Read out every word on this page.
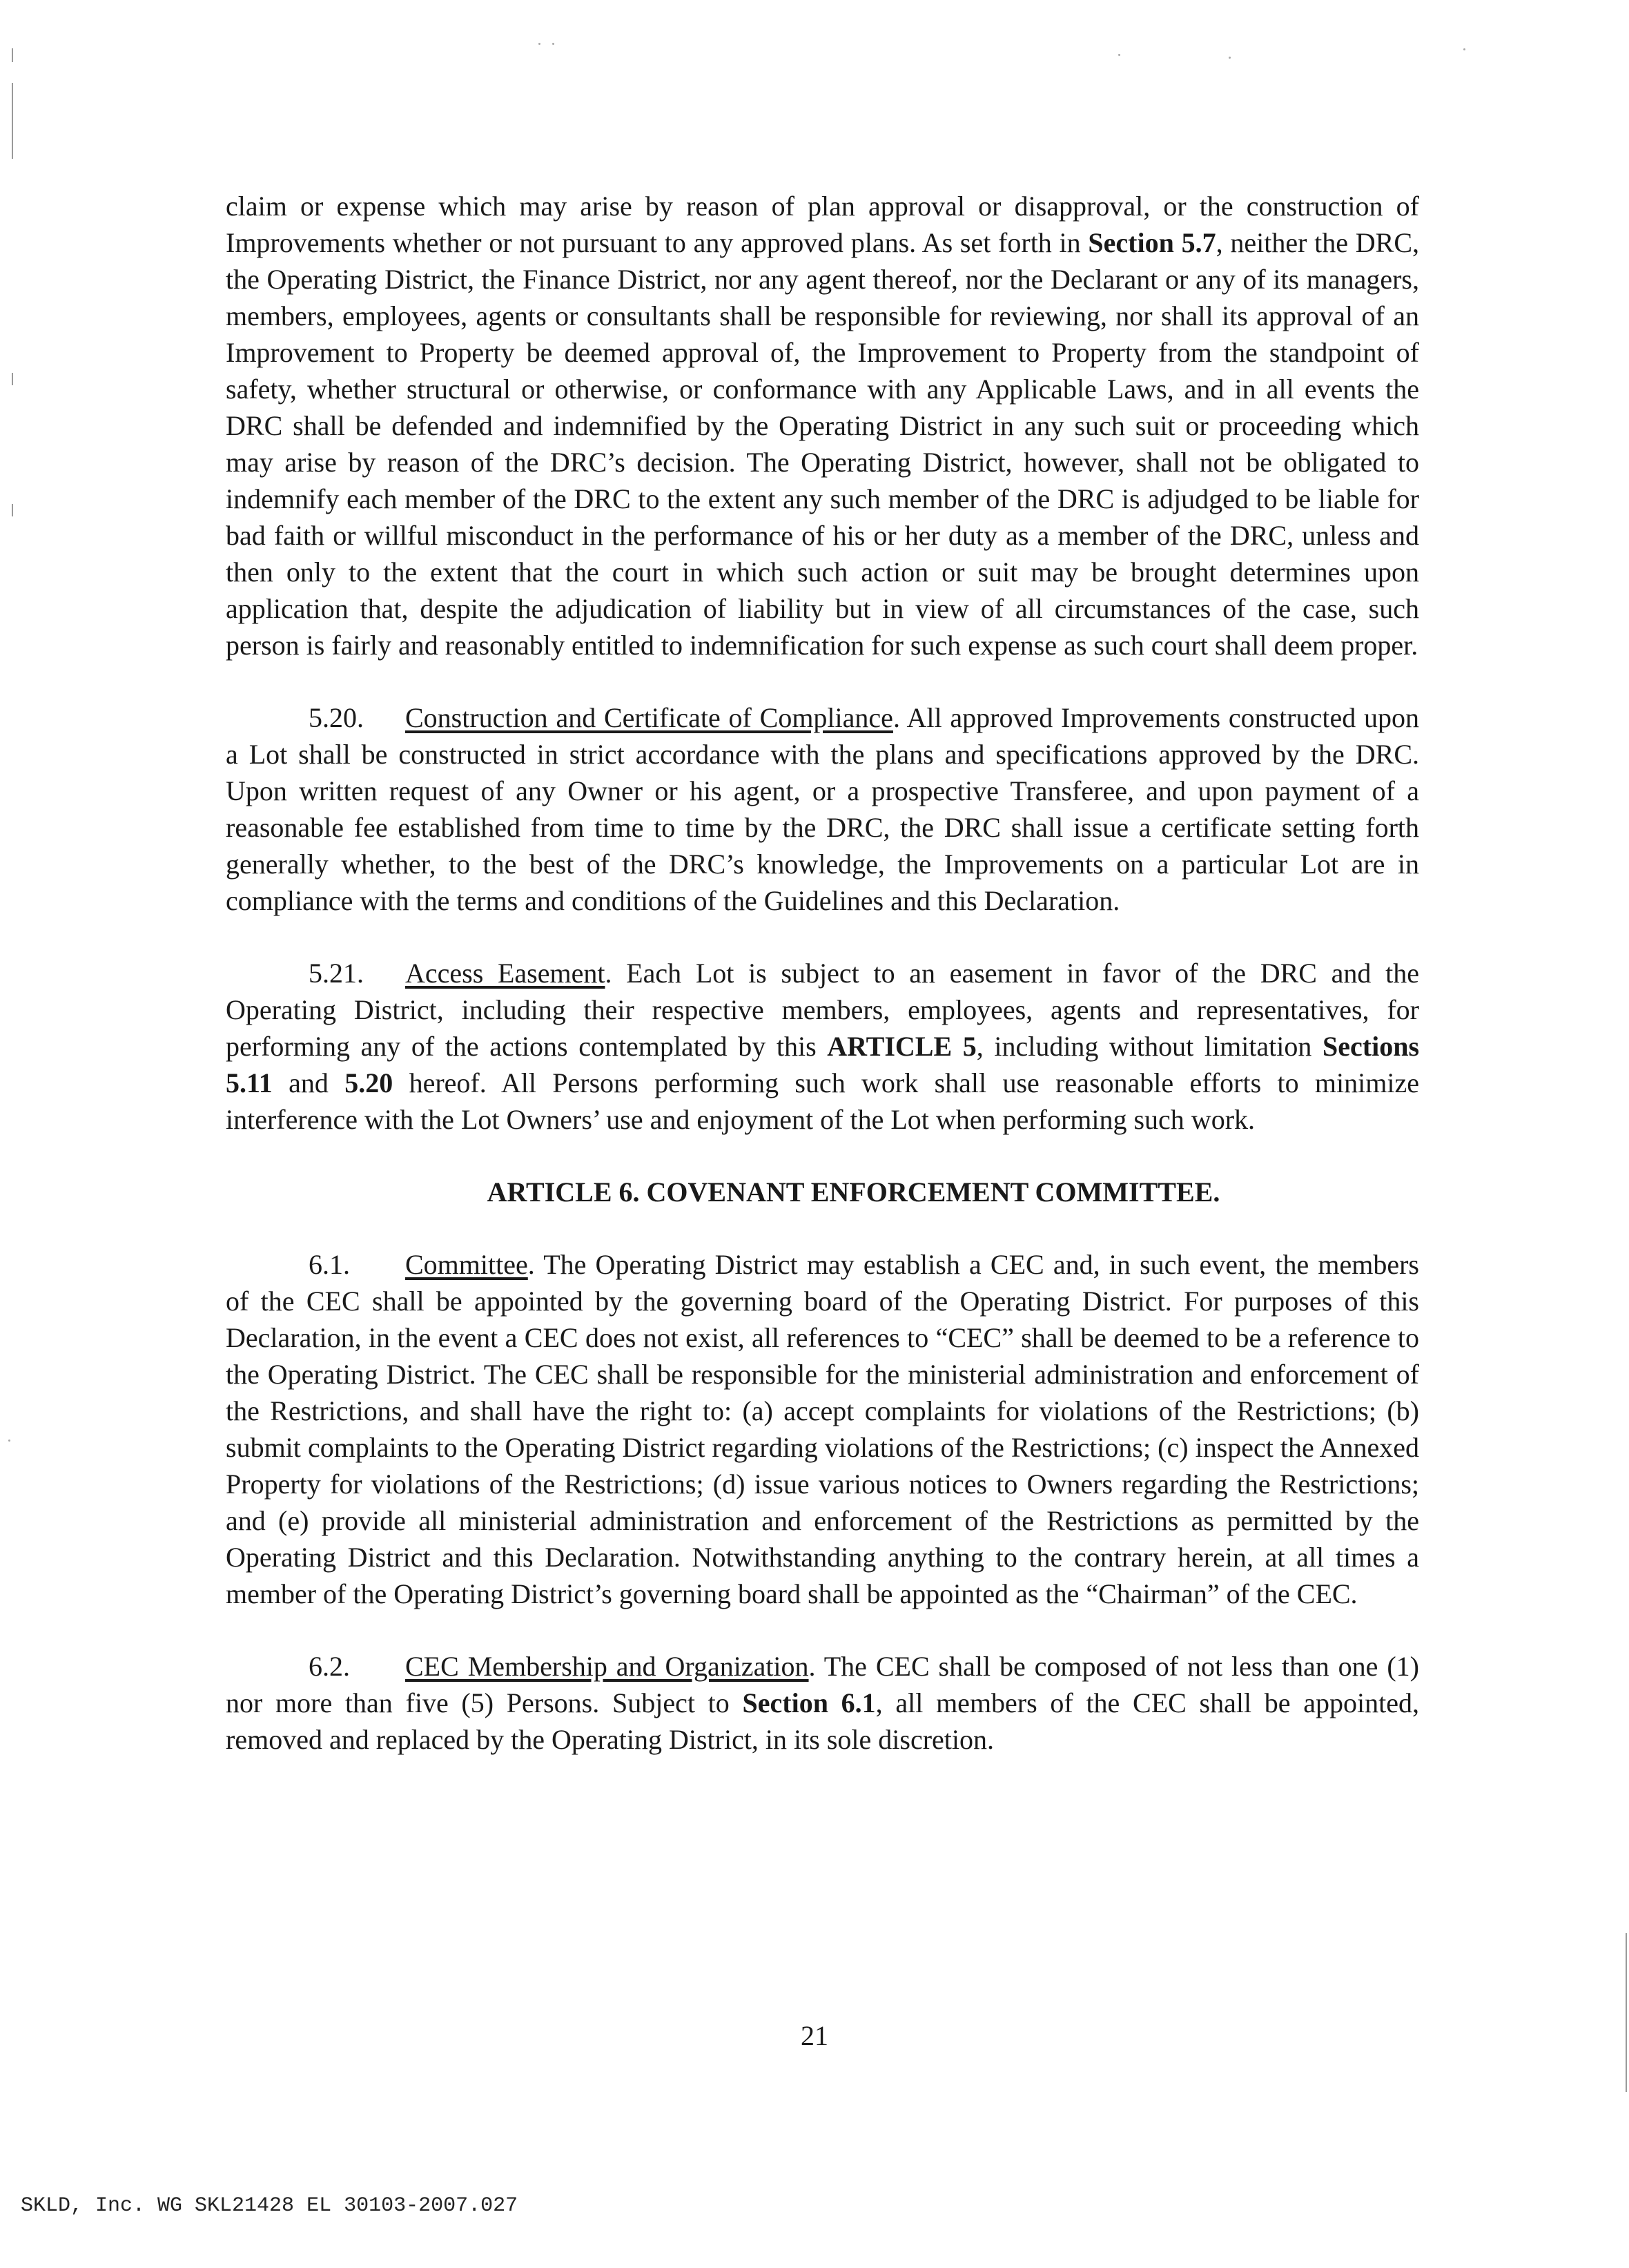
claim or expense which may arise by reason of plan approval or disapproval, or the construction of Improvements whether or not pursuant to any approved plans. As set forth in Section 5.7, neither the DRC, the Operating District, the Finance District, nor any agent thereof, nor the Declarant or any of its managers, members, employees, agents or consultants shall be responsible for reviewing, nor shall its approval of an Improvement to Property be deemed approval of, the Improvement to Property from the standpoint of safety, whether structural or otherwise, or conformance with any Applicable Laws, and in all events the DRC shall be defended and indemnified by the Operating District in any such suit or proceeding which may arise by reason of the DRC’s decision. The Operating District, however, shall not be obligated to indemnify each member of the DRC to the extent any such member of the DRC is adjudged to be liable for bad faith or willful misconduct in the performance of his or her duty as a member of the DRC, unless and then only to the extent that the court in which such action or suit may be brought determines upon application that, despite the adjudication of liability but in view of all circumstances of the case, such person is fairly and reasonably entitled to indemnification for such expense as such court shall deem proper.

5.20. Construction and Certificate of Compliance. All approved Improvements constructed upon a Lot shall be constructed in strict accordance with the plans and specifications approved by the DRC. Upon written request of any Owner or his agent, or a prospective Transferee, and upon payment of a reasonable fee established from time to time by the DRC, the DRC shall issue a certificate setting forth generally whether, to the best of the DRC’s knowledge, the Improvements on a particular Lot are in compliance with the terms and conditions of the Guidelines and this Declaration.

5.21. Access Easement. Each Lot is subject to an easement in favor of the DRC and the Operating District, including their respective members, employees, agents and representatives, for performing any of the actions contemplated by this ARTICLE 5, including without limitation Sections 5.11 and 5.20 hereof. All Persons performing such work shall use reasonable efforts to minimize interference with the Lot Owners’ use and enjoyment of the Lot when performing such work.

ARTICLE 6. COVENANT ENFORCEMENT COMMITTEE.

6.1. Committee. The Operating District may establish a CEC and, in such event, the members of the CEC shall be appointed by the governing board of the Operating District. For purposes of this Declaration, in the event a CEC does not exist, all references to “CEC” shall be deemed to be a reference to the Operating District. The CEC shall be responsible for the ministerial administration and enforcement of the Restrictions, and shall have the right to: (a) accept complaints for violations of the Restrictions; (b) submit complaints to the Operating District regarding violations of the Restrictions; (c) inspect the Annexed Property for violations of the Restrictions; (d) issue various notices to Owners regarding the Restrictions; and (e) provide all ministerial administration and enforcement of the Restrictions as permitted by the Operating District and this Declaration. Notwithstanding anything to the contrary herein, at all times a member of the Operating District’s governing board shall be appointed as the “Chairman” of the CEC.

6.2. CEC Membership and Organization. The CEC shall be composed of not less than one (1) nor more than five (5) Persons. Subject to Section 6.1, all members of the CEC shall be appointed, removed and replaced by the Operating District, in its sole discretion.

21
SKLD, Inc. WG SKL21428 EL 30103-2007.027
